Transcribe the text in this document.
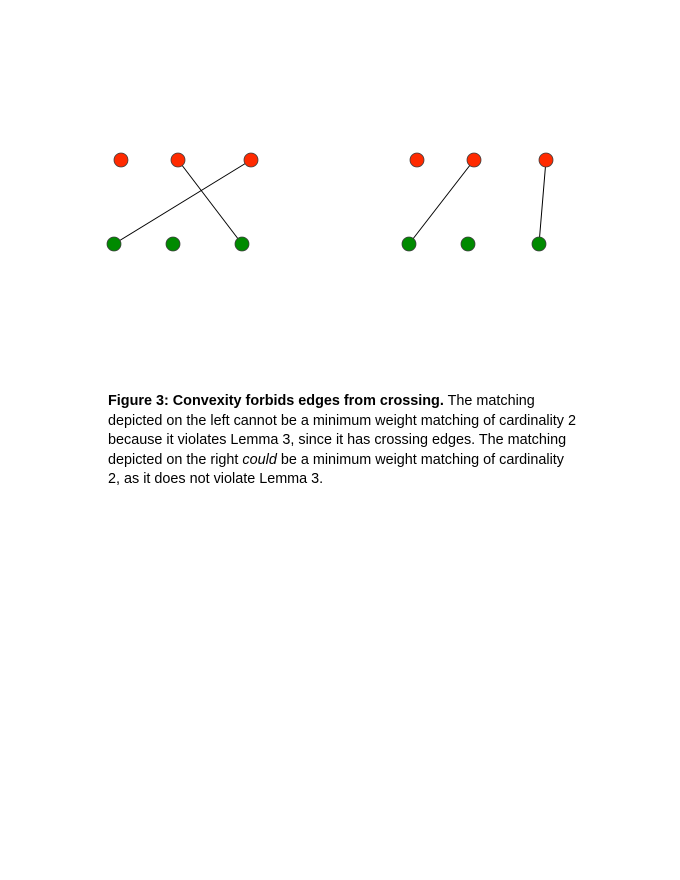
Figure 3: Convexity forbids edges from crossing. The matching depicted on the left cannot be a minimum weight matching of cardinality 2 because it violates Lemma 3, since it has crossing edges. The matching depicted on the right could be a minimum weight matching of cardinality 2, as it does not violate Lemma 3.
